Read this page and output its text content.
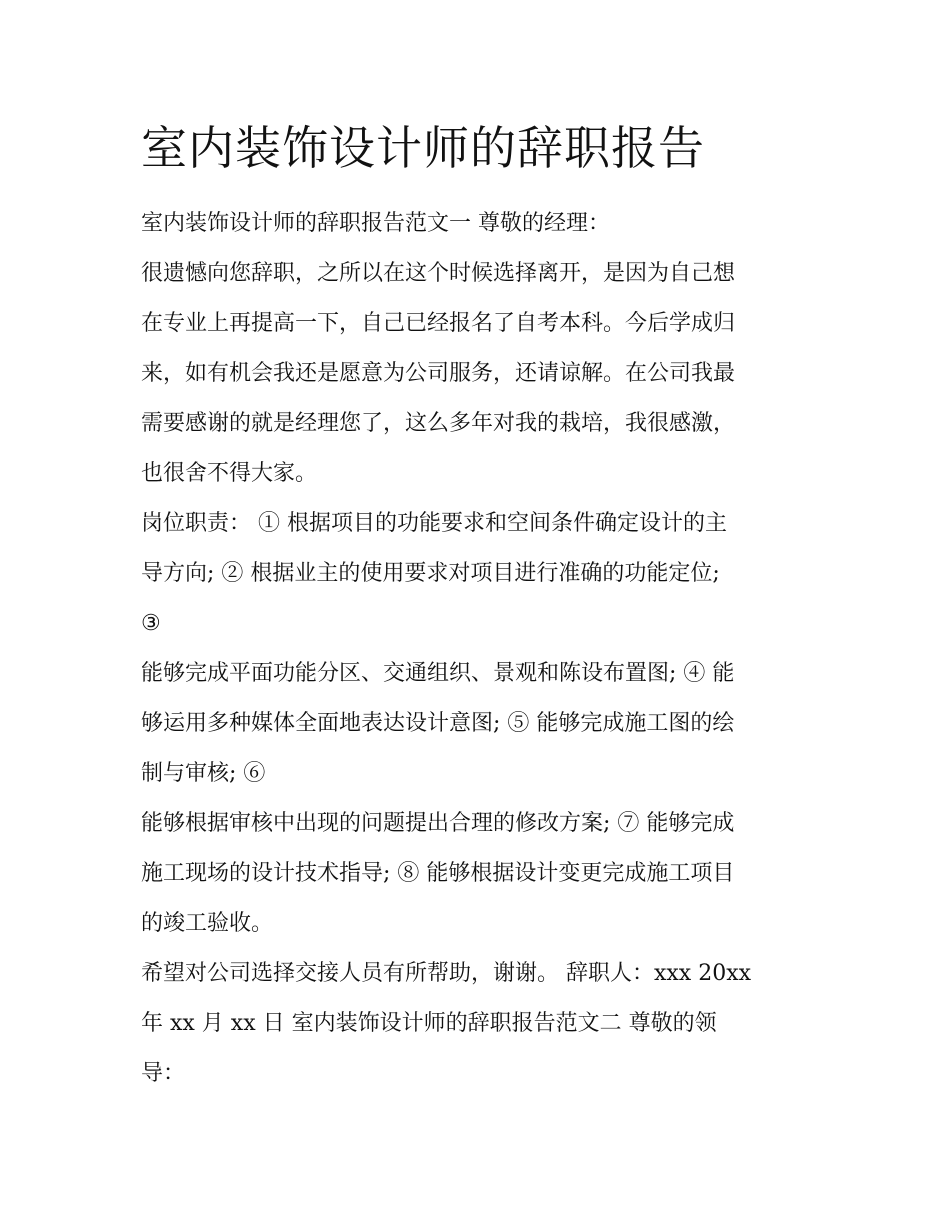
室内装饰设计师的辞职报告

室内装饰设计师的辞职报告范文一 尊敬的经理：

很遗憾向您辞职，之所以在这个时候选择离开，是因为自己想

在专业上再提高一下，自己已经报名了自考本科。今后学成归

来，如有机会我还是愿意为公司服务，还请谅解。在公司我最

需要感谢的就是经理您了，这么多年对我的栽培，我很感激，

也很舍不得大家。

岗位职责： ① 根据项目的功能要求和空间条件确定设计的主

导方向; ② 根据业主的使用要求对项目进行准确的功能定位;

③

能够完成平面功能分区、交通组织、景观和陈设布置图; ④ 能

够运用多种媒体全面地表达设计意图; ⑤ 能够完成施工图的绘

制与审核; ⑥

能够根据审核中出现的问题提出合理的修改方案; ⑦ 能够完成

施工现场的设计技术指导; ⑧ 能够根据设计变更完成施工项目

的竣工验收。

希望对公司选择交接人员有所帮助，谢谢。 辞职人：xxx 20xx

年 xx 月 xx 日 室内装饰设计师的辞职报告范文二 尊敬的领

导：
